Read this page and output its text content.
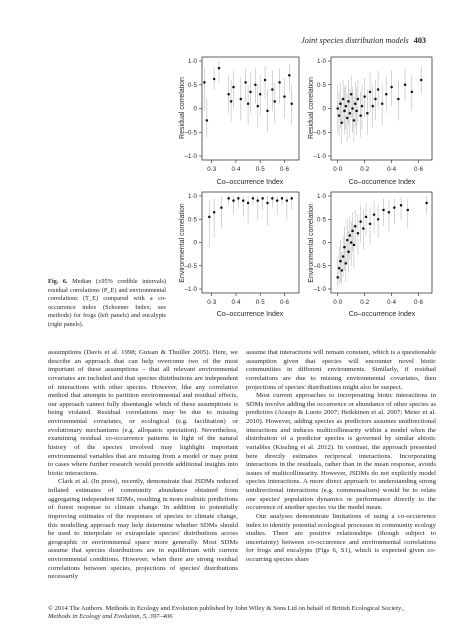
Joint species distribution models 403
Residual correlation
Co–occurrence Index
1·0
0·5
0
–0·5
–1·0
0·3 0·4 0·5 0·6
Residual correlation
Co–occurrence Index
1·0
0·5
0
–0·5
–1·0
0·0	0·2	0·4	0·6
Environmental correlation
Co–occurrence Index
1·0
0·5
0
–0·5
–1·0
0·3 0·4 0·5 0·6
Environmental correlation
Co–occurrence Index
1·0
0·5
0
–0·5
–1·0
0·0	0·2	0·4	0·6
Fig. 6. Median (±95% credible intervals) residual correlations (P_E) and environmental correlations (T_E) compared with a co-occurrence index (Schoener Index; see methods) for frogs (left panels) and eucalypts (right panels).

assumptions (Davis et al. 1998; Guisan & Thuiller 2005). Here, we describe an approach that can help overcome two of the most important of these assumptions – that all relevant environmental covariates are included and that species distributions are independent of interactions with other species. However, like any correlative method that attempts to partition environmental and residual effects, our approach cannot fully disentangle which of these assumptions is being violated. Residual correlations may be due to missing environmental covariates, or ecological (e.g. facilitation) or evolutionary mechanisms (e.g. allopatric speciation). Nevertheless, examining residual co-occurrence patterns in light of the natural history of the species involved may highlight important environmental variables that are missing from a model or may point to cases where further research would provide additional insights into biotic interactions.

Clark et al. (In press), recently, demonstrate that JSDMs reduced inflated estimates of community abundance obtained from aggregating independent SDMs, resulting in more realistic predictions of forest response to climate change. In addition to potentially improving estimates of the responses of species to climate change, this modelling approach may help determine whether SDMs should be used to interpolate or extrapolate species' distributions across geographic or environmental space more generally. Most SDMs assume that species distributions are in equilibrium with current environmental conditions. However, when there are strong residual correlations between species, projections of species' distributions necessarily

assume that interactions will remain constant, which is a questionable assumption given that species will encounter novel biotic communities in different environments. Similarly, if residual correlations are due to missing environmental covariates, then projections of species' distributions might also be suspect.

Most current approaches to incorporating biotic interactions in SDMs involve adding the occurrence or abundance of other species as predictors (Araujo & Luoto 2007; Heikkinen et al. 2007; Meier et al. 2010). However, adding species as predictors assumes unidirectional interactions and induces multicollinearity within a model when the distribution of a predictor species is governed by similar abiotic variables (Kissling et al. 2012). In contrast, the approach presented here directly estimates reciprocal interactions. Incorporating interactions in the residuals, rather than in the mean response, avoids issues of multicollinearity. However, JSDMs do not explicitly model species interactions. A more direct approach to understanding strong unidirectional interactions (e.g. commensalism) would be to relate one species' population dynamics or performance directly to the occurrence of another species via the model mean.

Our analyses demonstrate limitations of using a co-occurrence index to identify potential ecological processes in community ecology studies. There are positive relationships (though subject to uncertainty) between co-occurrence and environmental correlations for frogs and eucalypts (Figs 6, S1), which is expected given co-occurring species share

© 2014 The Authors. Methods in Ecology and Evolution published by John Wiley & Sons Ltd on behalf of British Ecological Society.,
Methods in Ecology and Evolution, 5, 397–406
